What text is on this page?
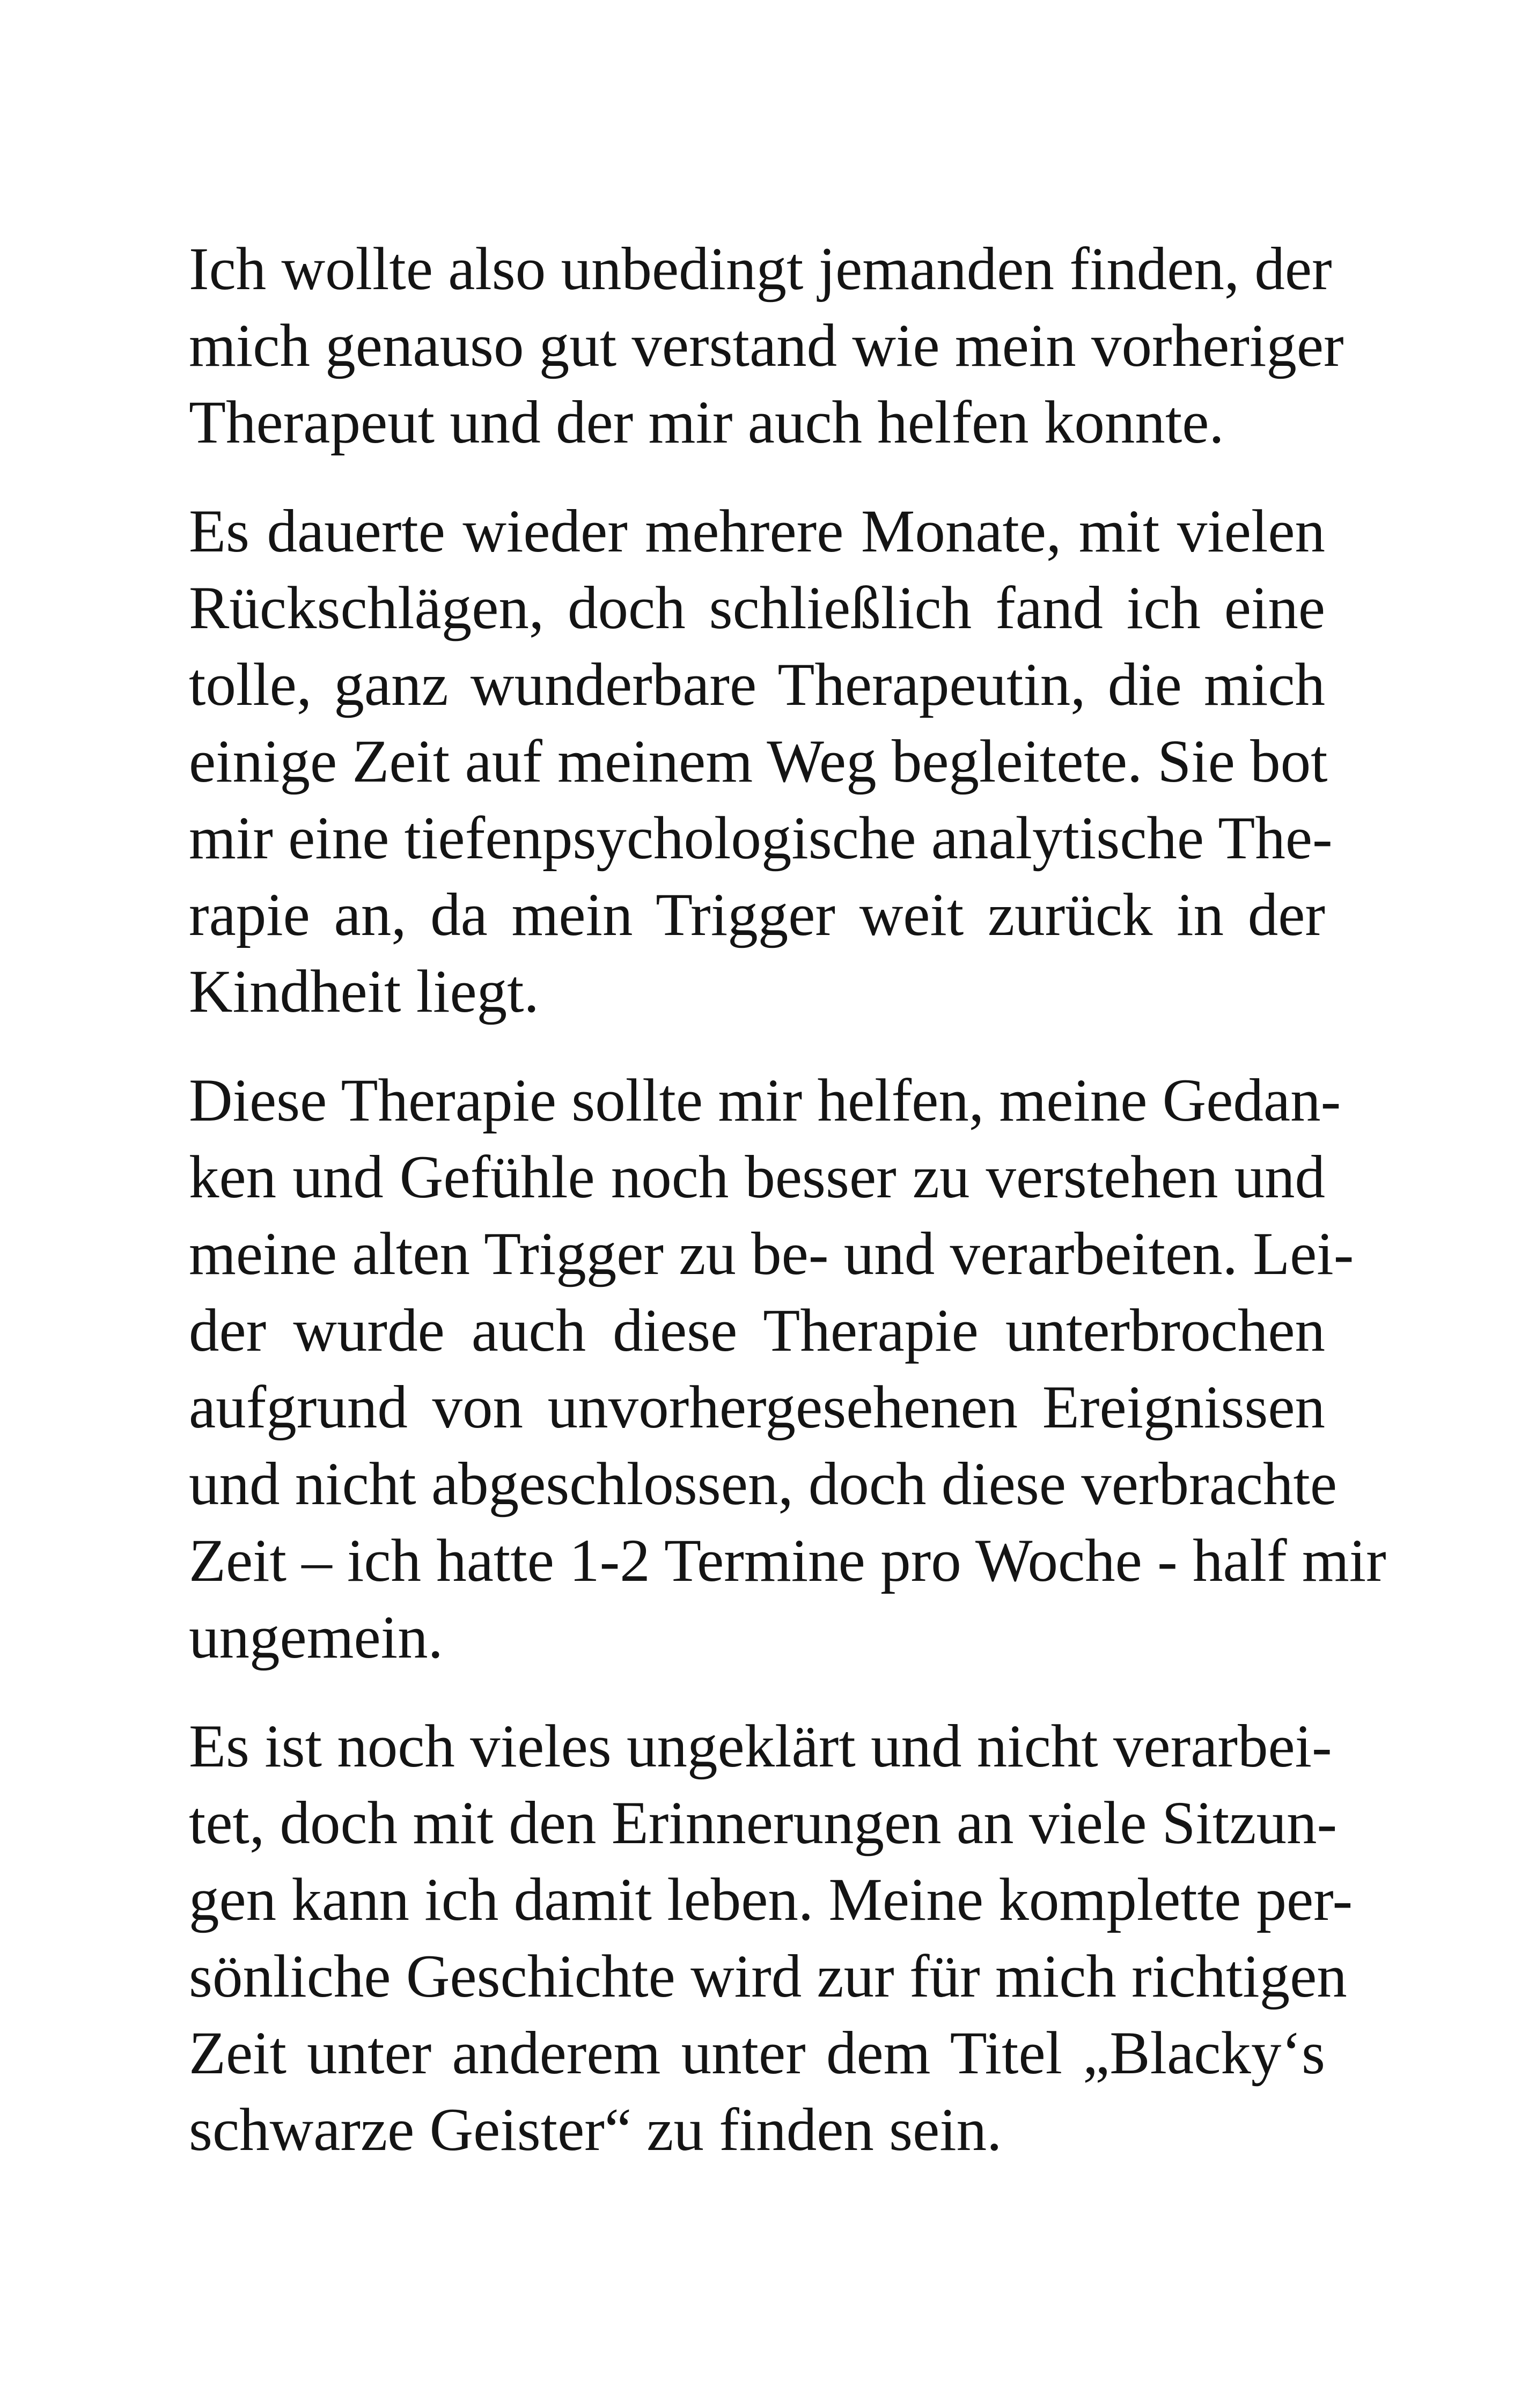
Ich wollte also unbedingt jemanden finden, der
mich genauso gut verstand wie mein vorheriger
Therapeut und der mir auch helfen konnte.

Es dauerte wieder mehrere Monate, mit vielen
Rückschlägen, doch schließlich fand ich eine
tolle, ganz wunderbare Therapeutin, die mich
einige Zeit auf meinem Weg begleitete. Sie bot
mir eine tiefenpsychologische analytische The-
rapie an, da mein Trigger weit zurück in der
Kindheit liegt.

Diese Therapie sollte mir helfen, meine Gedan-
ken und Gefühle noch besser zu verstehen und
meine alten Trigger zu be- und verarbeiten. Lei-
der wurde auch diese Therapie unterbrochen
aufgrund von unvorhergesehenen Ereignissen
und nicht abgeschlossen, doch diese verbrachte
Zeit – ich hatte 1-2 Termine pro Woche - half mir
ungemein.

Es ist noch vieles ungeklärt und nicht verarbei-
tet, doch mit den Erinnerungen an viele Sitzun-
gen kann ich damit leben. Meine komplette per-
sönliche Geschichte wird zur für mich richtigen
Zeit unter anderem unter dem Titel „Blacky‘s
schwarze Geister“ zu finden sein.
